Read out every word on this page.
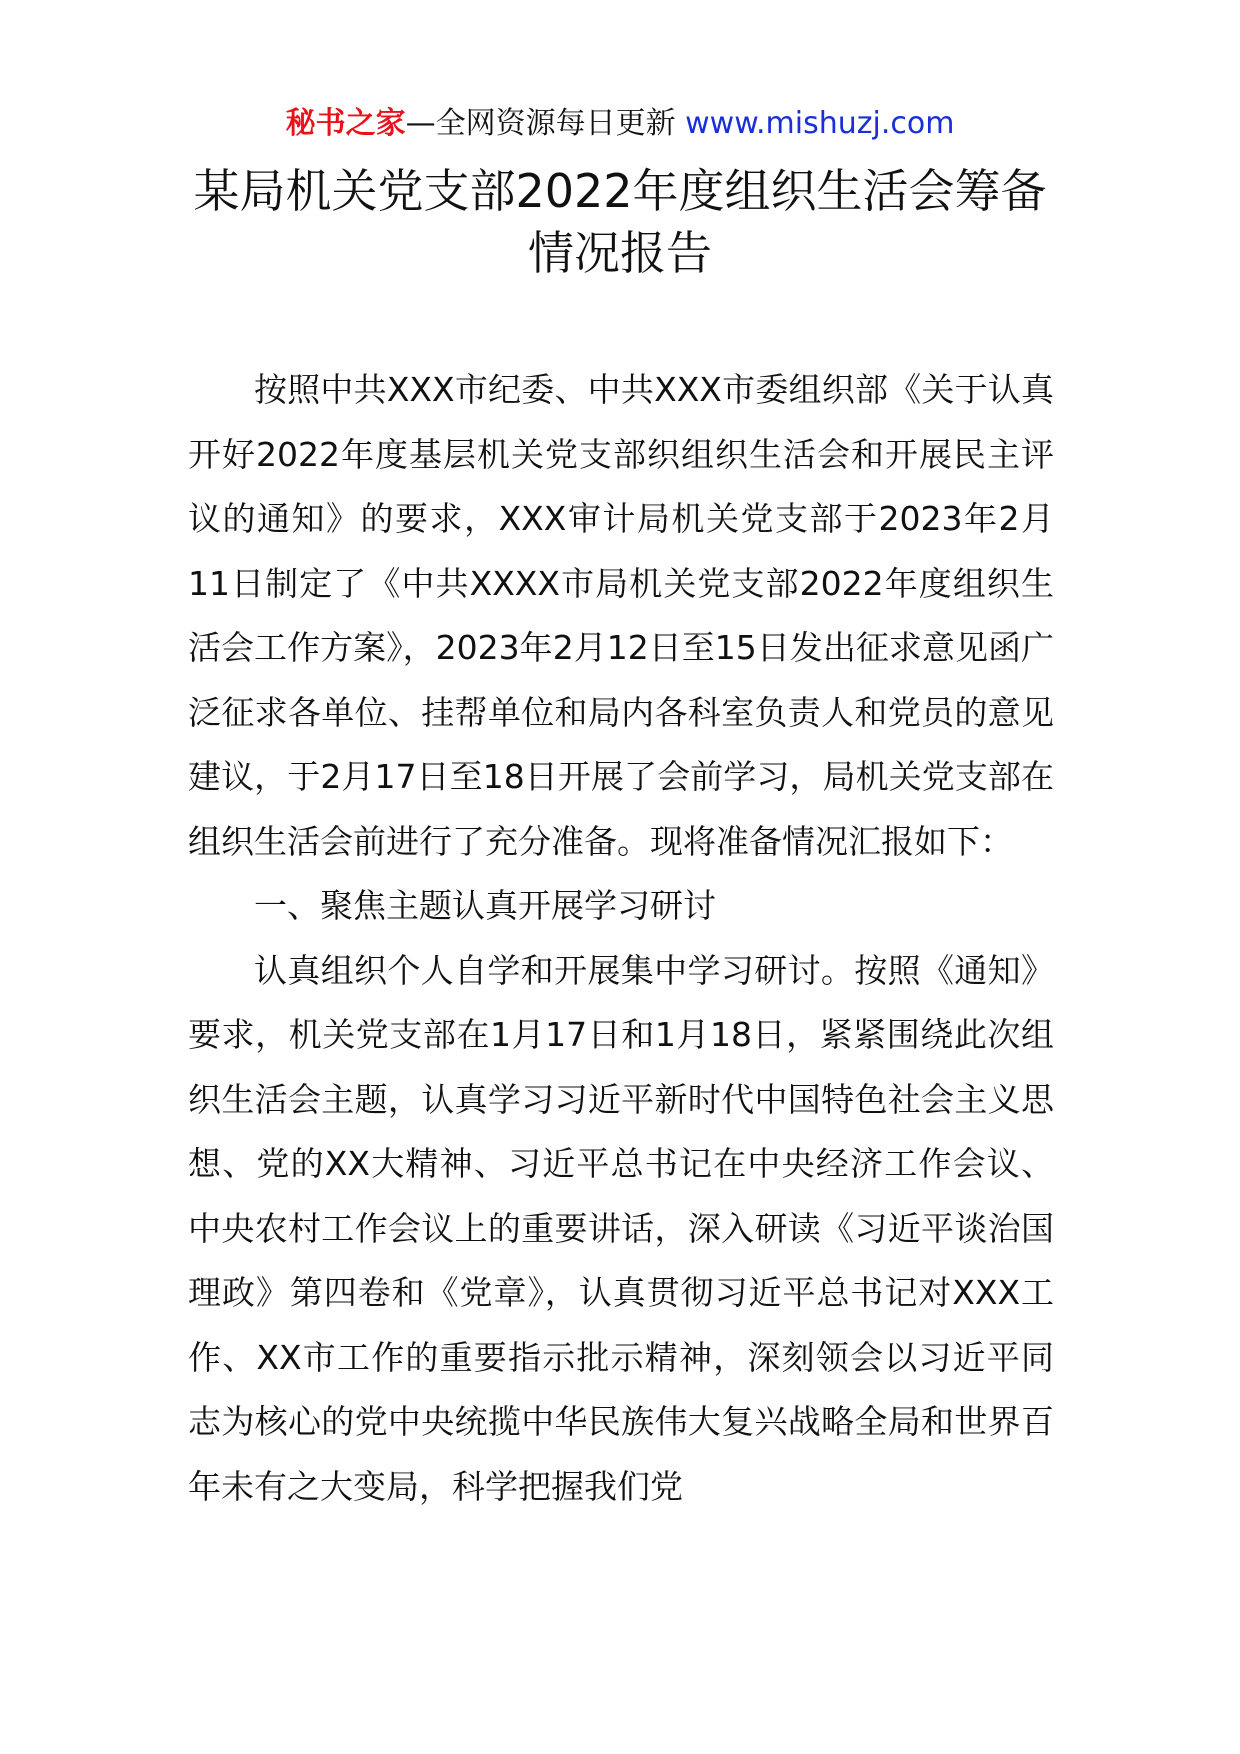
秘书之家—全网资源每日更新 www.mishuzj.com
某局机关党支部2022年度组织生活会筹备
情况报告

按照中共XXX市纪委、中共XXX市委组织部《关于认真开好2022年度基层机关党支部织组织生活会和开展民主评议的通知》的要求，XXX审计局机关党支部于2023年2月11日制定了《中共XXXX市局机关党支部2022年度组织生活会工作方案》，2023年2月12日至15日发出征求意见函广泛征求各单位、挂帮单位和局内各科室负责人和党员的意见建议，于2月17日至18日开展了会前学习，局机关党支部在组织生活会前进行了充分准备。现将准备情况汇报如下：

一、聚焦主题认真开展学习研讨

认真组织个人自学和开展集中学习研讨。按照《通知》要求，机关党支部在1月17日和1月18日，紧紧围绕此次组织生活会主题，认真学习习近平新时代中国特色社会主义思想、党的XX大精神、习近平总书记在中央经济工作会议、中央农村工作会议上的重要讲话，深入研读《习近平谈治国理政》第四卷和《党章》，认真贯彻习近平总书记对XXX工作、XX市工作的重要指示批示精神，深刻领会以习近平同志为核心的党中央统揽中华民族伟大复兴战略全局和世界百年未有之大变局，科学把握我们党
